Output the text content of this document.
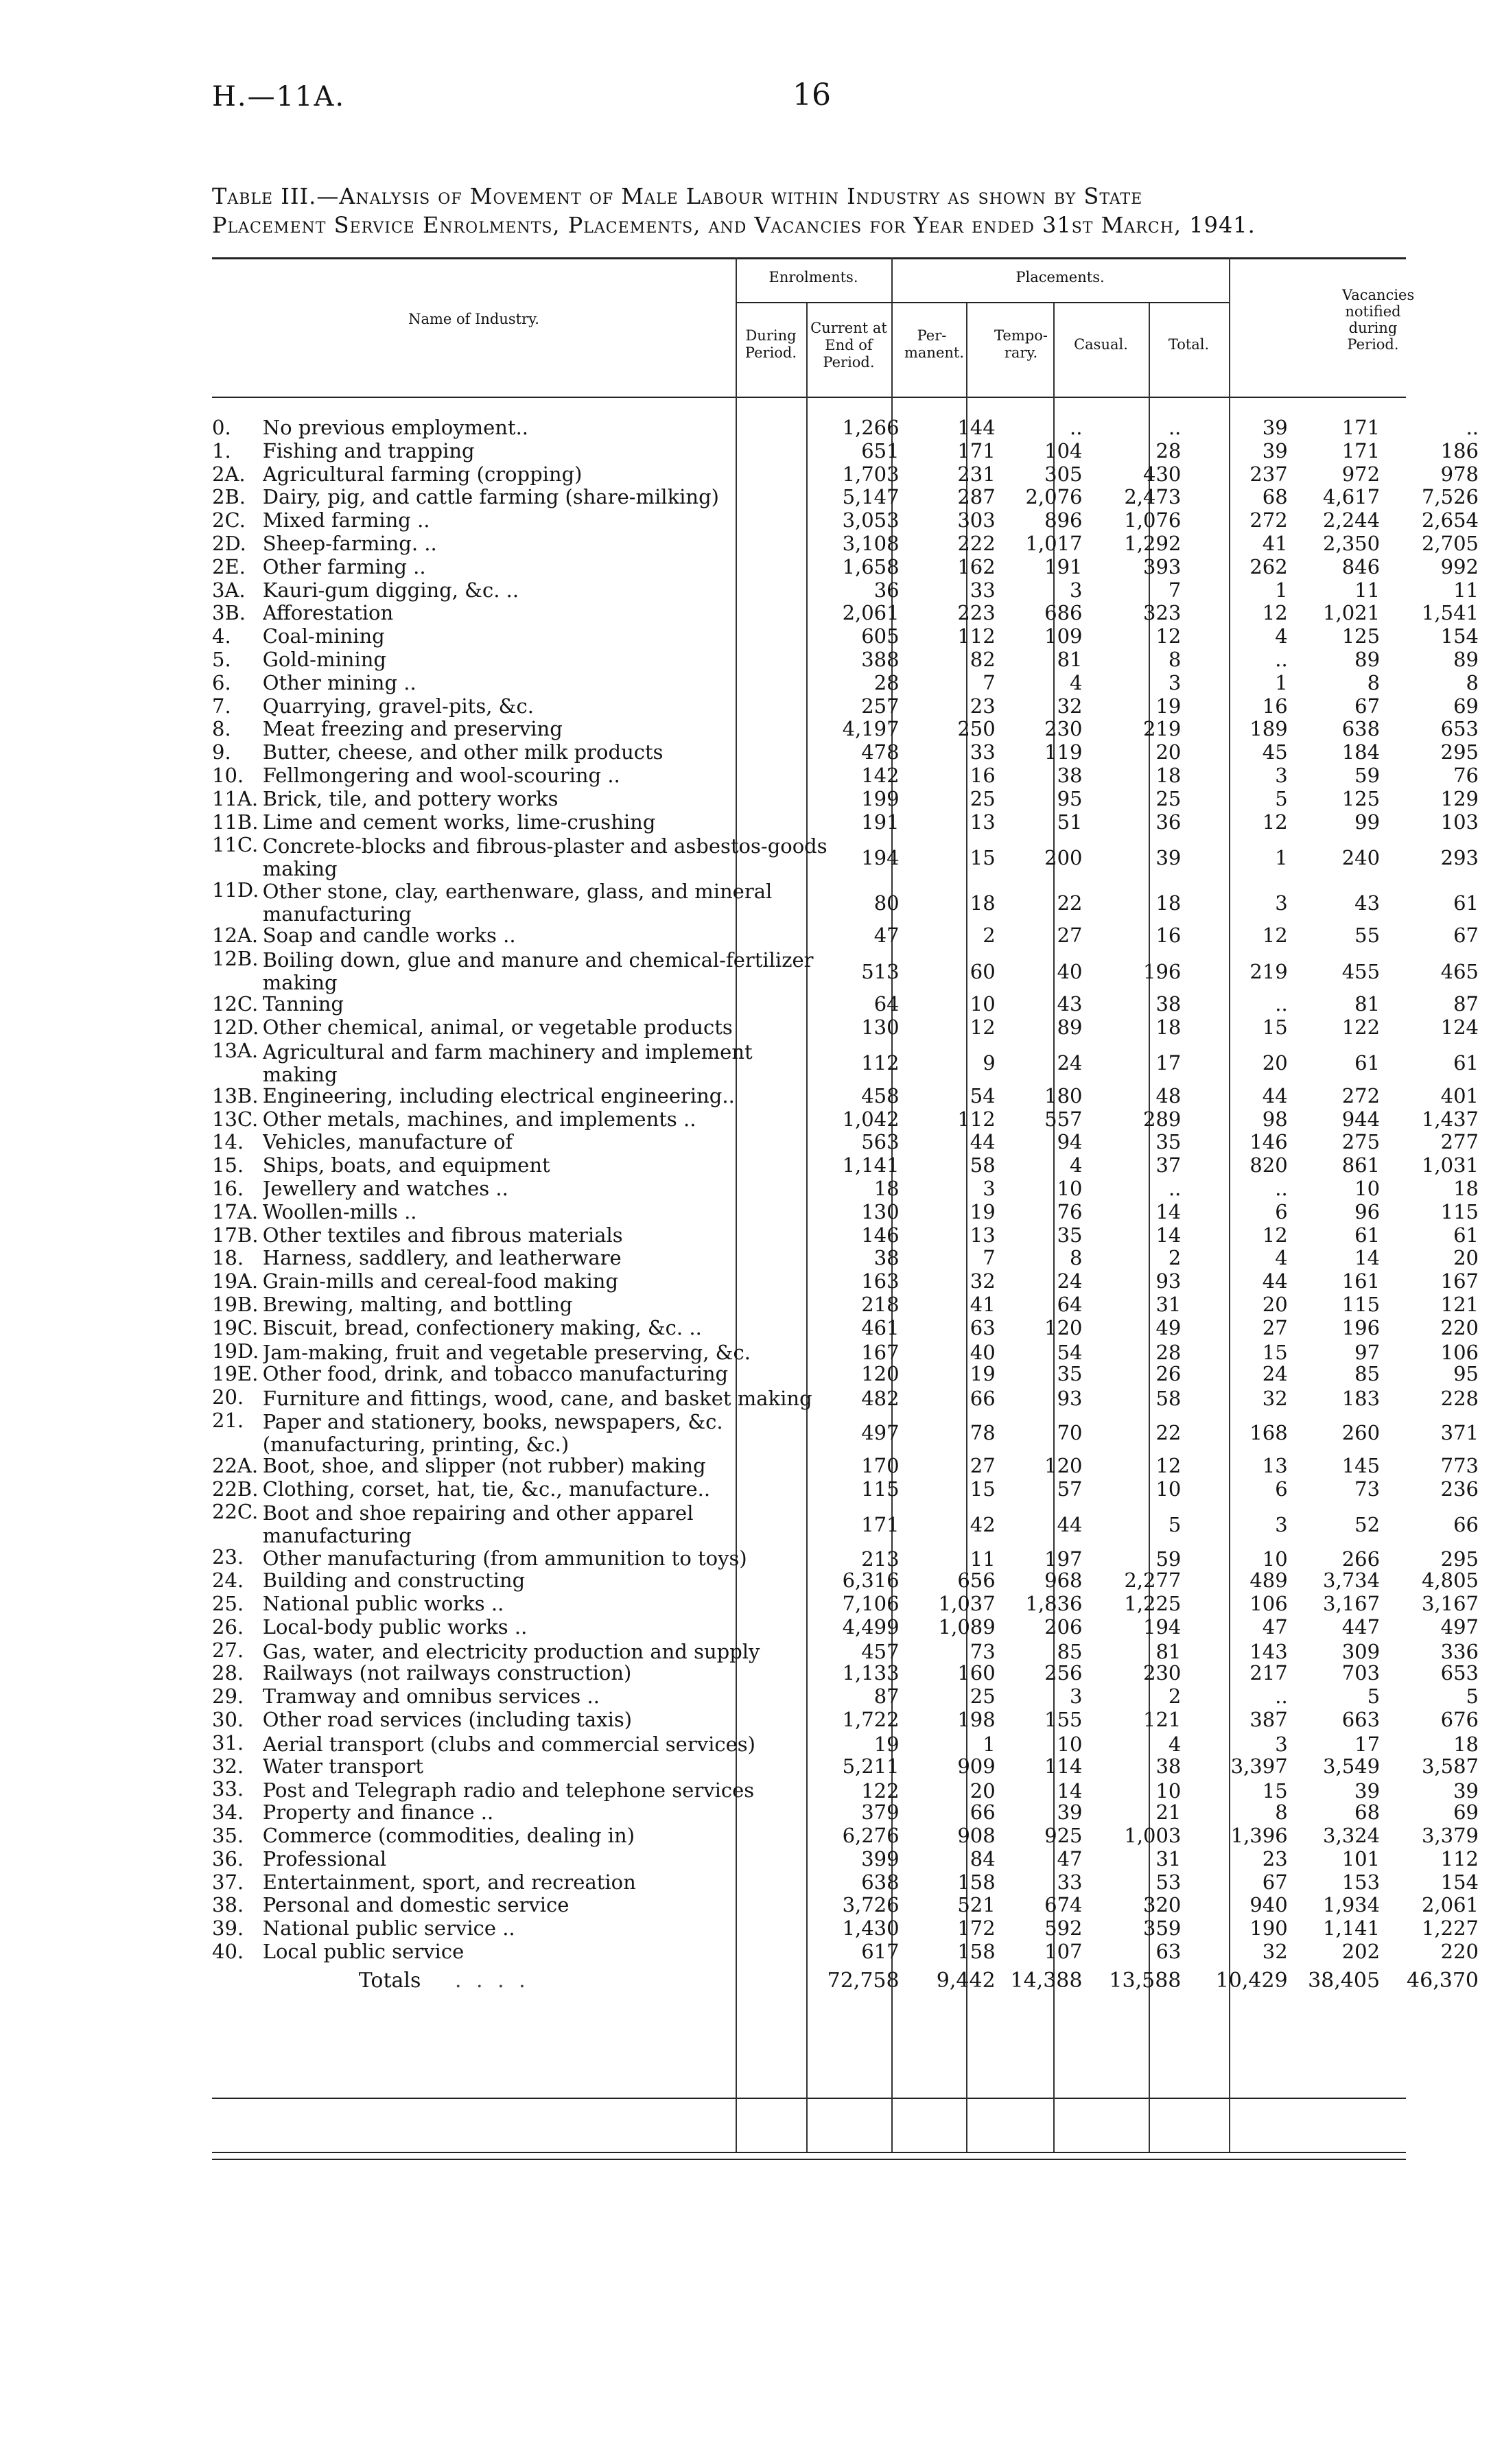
H.—11A.	16
Table III.—Analysis of Movement of Male Labour within Industry as shown by State
Placement Service Enrolments, Placements, and Vacancies for Year ended 31st March, 1941.
Name of Industry.
Enrolments.
During Period.
Current at End of Period.
Placements.
Per- manent.
Tempo- rary.	Casual.	Total.
Vacancies notified during Period.
0.	No previous employment..	1,266	144	..	..	39	171	..
1.	Fishing and trapping	651	171	104	28	39	171	186
2A.	Agricultural farming (cropping)	1,703	231	305	430	237	972	978
2B.	Dairy, pig, and cattle farming (share-milking)	5,147	287	2,076	2,473	68	4,617	7,526
2C.	Mixed farming ..	3,053	303	896	1,076	272	2,244	2,654
2D.	Sheep-farming. ..	3,108	222	1,017	1,292	41	2,350	2,705
2E.	Other farming ..	1,658	162	191	393	262	846	992
3A.	Kauri-gum digging, &c. ..	36	33	3	7	1	11	11
3B.	Afforestation	2,061	223	686	323	12	1,021	1,541
4.	Coal-mining	605	112	109	12	4	125	154
5.	Gold-mining	388	82	81	8	..	89	89
6.	Other mining ..	28	7	4	3	1	8	8
7.	Quarrying, gravel-pits, &c.	257	23	32	19	16	67	69
8.	Meat freezing and preserving	4,197	250	230	219	189	638	653
9.	Butter, cheese, and other milk products	478	33	119	20	45	184	295
10.	Fellmongering and wool-scouring ..	142	16	38	18	3	59	76
11A.	Brick, tile, and pottery works	199	25	95	25	5	125	129
11B.	Lime and cement works, lime-crushing	191	13	51	36	12	99	103
11C.	Concrete-blocks and fibrous-plaster and asbestos-goods making	194	15	200	39	1	240	293
11D.	Other stone, clay, earthenware, glass, and mineral manufacturing	80	18	22	18	3	43	61
12A.	Soap and candle works ..	47	2	27	16	12	55	67
12B.	Boiling down, glue and manure and chemical-fertilizer making	513	60	40	196	219	455	465
12C.	Tanning	64	10	43	38	..	81	87
12D.	Other chemical, animal, or vegetable products	130	12	89	18	15	122	124
13A.	Agricultural and farm machinery and implement making	112	9	24	17	20	61	61
13B.	Engineering, including electrical engineering..	458	54	180	48	44	272	401
13C.	Other metals, machines, and implements ..	1,042	112	557	289	98	944	1,437
14.	Vehicles, manufacture of	563	44	94	35	146	275	277
15.	Ships, boats, and equipment	1,141	58	4	37	820	861	1,031
16.	Jewellery and watches ..	18	3	10	..	..	10	18
17A.	Woollen-mills ..	130	19	76	14	6	96	115
17B.	Other textiles and fibrous materials	146	13	35	14	12	61	61
18.	Harness, saddlery, and leatherware	38	7	8	2	4	14	20
19A.	Grain-mills and cereal-food making	163	32	24	93	44	161	167
19B.	Brewing, malting, and bottling	218	41	64	31	20	115	121
19C.	Biscuit, bread, confectionery making, &c. ..	461	63	120	49	27	196	220
19D.	Jam-making, fruit and vegetable preserving, &c.	167	40	54	28	15	97	106
19E.	Other food, drink, and tobacco manufacturing	120	19	35	26	24	85	95
20.	Furniture and fittings, wood, cane, and basket making	482	66	93	58	32	183	228
21.	Paper and stationery, books, newspapers, &c. (manufacturing, printing, &c.)	497	78	70	22	168	260	371
22A.	Boot, shoe, and slipper (not rubber) making	170	27	120	12	13	145	773
22B.	Clothing, corset, hat, tie, &c., manufacture..	115	15	57	10	6	73	236
22C.	Boot and shoe repairing and other apparel manufacturing	171	42	44	5	3	52	66
23.	Other manufacturing (from ammunition to toys)	213	11	197	59	10	266	295
24.	Building and constructing	6,316	656	968	2,277	489	3,734	4,805
25.	National public works ..	7,106	1,037	1,836	1,225	106	3,167	3,167
26.	Local-body public works ..	4,499	1,089	206	194	47	447	497
27.	Gas, water, and electricity production and supply	457	73	85	81	143	309	336
28.	Railways (not railways construction)	1,133	160	256	230	217	703	653
29.	Tramway and omnibus services ..	87	25	3	2	..	5	5
30.	Other road services (including taxis)	1,722	198	155	121	387	663	676
31.	Aerial transport (clubs and commercial services)	19	1	10	4	3	17	18
32.	Water transport	5,211	909	114	38	3,397	3,549	3,587
33.	Post and Telegraph radio and telephone services	122	20	14	10	15	39	39
34.	Property and finance ..	379	66	39	21	8	68	69
35.	Commerce (commodities, dealing in)	6,276	908	925	1,003	1,396	3,324	3,379
36.	Professional	399	84	47	31	23	101	112
37.	Entertainment, sport, and recreation	638	158	33	53	67	153	154
38.	Personal and domestic service	3,726	521	674	320	940	1,934	2,061
39.	National public service ..	1,430	172	592	359	190	1,141	1,227
40.	Local public service	617	158	107	63	32	202	220
	Totals . . . .	72,758	9,442	14,388	13,588	10,429	38,405	46,370
